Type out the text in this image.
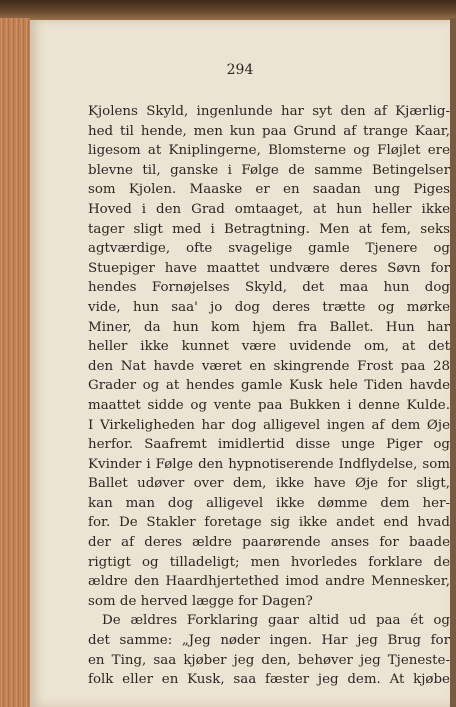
294
Kjolens Skyld, ingenlunde har syt den af Kjærlig-
hed til hende, men kun paa Grund af trange Kaar,
ligesom at Kniplingerne, Blomsterne og Fløjlet ere
blevne til, ganske i Følge de samme Betingelser
som Kjolen. Maaske er en saadan ung Piges
Hoved i den Grad omtaaget, at hun heller ikke
tager sligt med i Betragtning. Men at fem, seks
agtværdige, ofte svagelige gamle Tjenere og
Stuepiger have maattet undvære deres Søvn for
hendes Fornøjelses Skyld, det maa hun dog
vide, hun saa' jo dog deres trætte og mørke
Miner, da hun kom hjem fra Ballet. Hun har
heller ikke kunnet være uvidende om, at det
den Nat havde været en skingrende Frost paa 28
Grader og at hendes gamle Kusk hele Tiden havde
maattet sidde og vente paa Bukken i denne Kulde.
I Virkeligheden har dog alligevel ingen af dem Øje
herfor. Saafremt imidlertid disse unge Piger og
Kvinder i Følge den hypnotiserende Indflydelse, som
Ballet udøver over dem, ikke have Øje for sligt,
kan man dog alligevel ikke dømme dem her-
for. De Stakler foretage sig ikke andet end hvad
der af deres ældre paarørende anses for baade
rigtigt og tilladeligt; men hvorledes forklare de
ældre den Haardhjertethed imod andre Mennesker,
som de herved lægge for Dagen?
De ældres Forklaring gaar altid ud paa ét og
det samme: „Jeg nøder ingen. Har jeg Brug for
en Ting, saa kjøber jeg den, behøver jeg Tjeneste-
folk eller en Kusk, saa fæster jeg dem. At kjøbe
